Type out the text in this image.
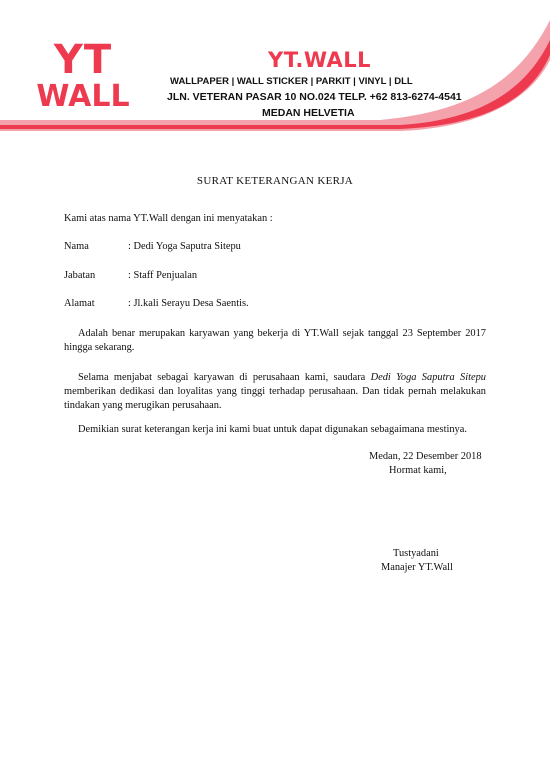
YT
WALL
YT.WALL
WALLPAPER | WALL STICKER | PARKIT | VINYL | DLL
JLN. VETERAN PASAR 10 NO.024 TELP. +62 813-6274-4541
MEDAN HELVETIA
SURAT KETERANGAN KERJA
Kami atas nama YT.Wall dengan ini menyatakan :
Nama	: Dedi Yoga Saputra Sitepu
Jabatan	: Staff Penjualan
Alamat	: Jl.kali Serayu Desa Saentis.
Adalah benar merupakan karyawan yang bekerja di YT.Wall sejak tanggal 23 September 2017 hingga sekarang.
Selama menjabat sebagai karyawan di perusahaan kami, saudara Dedi Yoga Saputra Sitepu memberikan dedikasi dan loyalitas yang tinggi terhadap perusahaan. Dan tidak pernah melakukan tindakan yang merugikan perusahaan.
Demikian surat keterangan kerja ini kami buat untuk dapat digunakan sebagaimana mestinya.
Medan, 22 Desember 2018
Hormat kami,
Tustyadani
Manajer YT.Wall
